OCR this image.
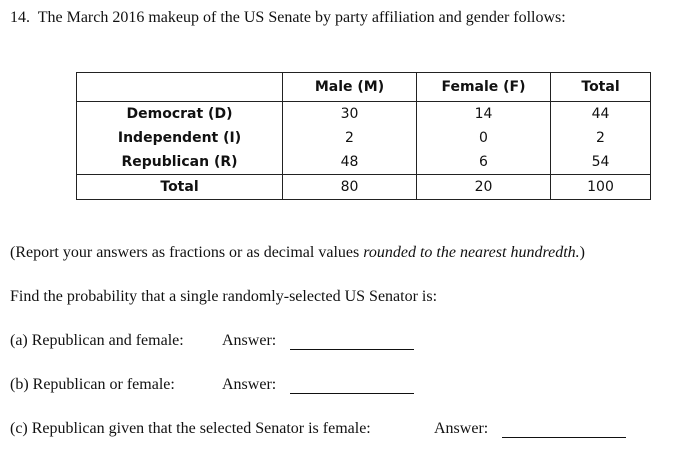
14. The March 2016 makeup of the US Senate by party affiliation and gender follows:
	Male (M)	Female (F)	Total
Democrat (D)	30	14	44
Independent (I)	2	0	2
Republican (R)	48	6	54
Total	80	20	100
(Report your answers as fractions or as decimal values rounded to the nearest hundredth.)
Find the probability that a single randomly-selected US Senator is:
(a) Republican and female: Answer:
(b) Republican or female:	Answer:
(c) Republican given that the selected Senator is female:	Answer:
